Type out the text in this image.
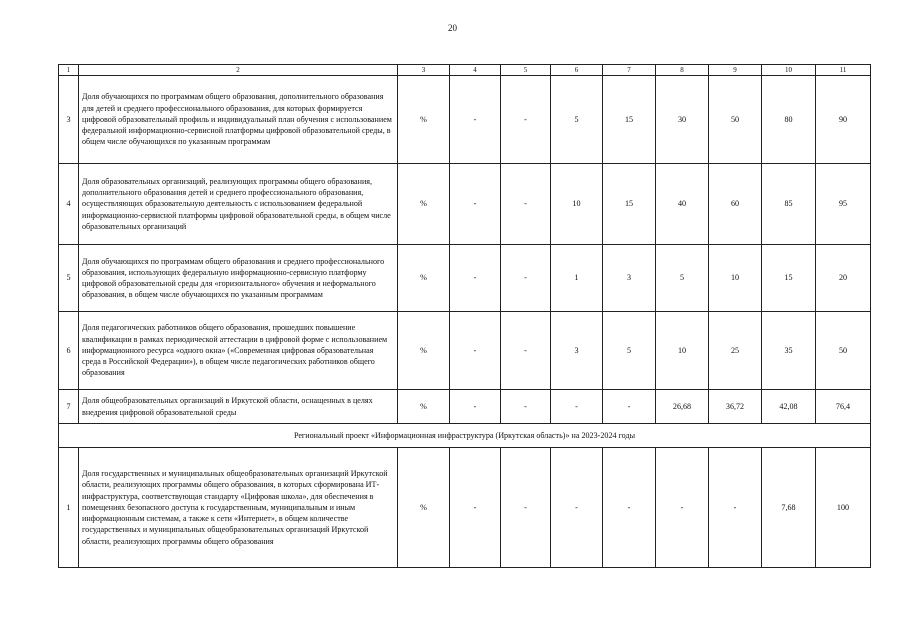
20
1	2	3	4	5	6	7	8	9	10	11
3	Доля обучающихся по программам общего образования, дополнительного образования для детей и среднего профессионального образования, для которых формируется цифровой образовательный профиль и индивидуальный план обучения с использованием федеральной информационно-сервисной платформы цифровой образовательной среды, в общем числе обучающихся по указанным программам	%	-	-	5	15	30	50	80	90
4	Доля образовательных организаций, реализующих программы общего образования, дополнительного образования детей и среднего профессионального образования, осуществляющих образовательную деятельность с использованием федеральной информационно-сервисной платформы цифровой образовательной среды, в общем числе образовательных организаций	%	-	-	10	15	40	60	85	95
5	Доля обучающихся по программам общего образования и среднего профессионального образования, использующих федеральную информационно-сервисную платформу цифровой образовательной среды для «горизонтального» обучения и неформального образования, в общем числе обучающихся по указанным программам	%	-	-	1	3	5	10	15	20
6	Доля педагогических работников общего образования, прошедших повышение квалификации в рамках периодической аттестации в цифровой форме с использованием информационного ресурса «одного окна» («Современная цифровая образовательная среда в Российской Федерации»), в общем числе педагогических работников общего образования	%	-	-	3	5	10	25	35	50
7	Доля общеобразовательных организаций в Иркутской области, оснащенных в целях внедрения цифровой образовательной среды	%	-	-	-	-	26,68	36,72	42,08	76,4
Региональный проект «Информационная инфраструктура (Иркутская область)» на 2023-2024 годы										
1	Доля государственных и муниципальных общеобразовательных организаций Иркутской области, реализующих программы общего образования, в которых сформирована ИТ-инфраструктура, соответствующая стандарту «Цифровая школа», для обеспечения в помещениях безопасного доступа к государственным, муниципальным и иным информационным системам, а также к сети «Интернет», в общем количестве государственных и муниципальных общеобразовательных организаций Иркутской области, реализующих программы общего образования	%	-	-	-	-	-	-	7,68	100
